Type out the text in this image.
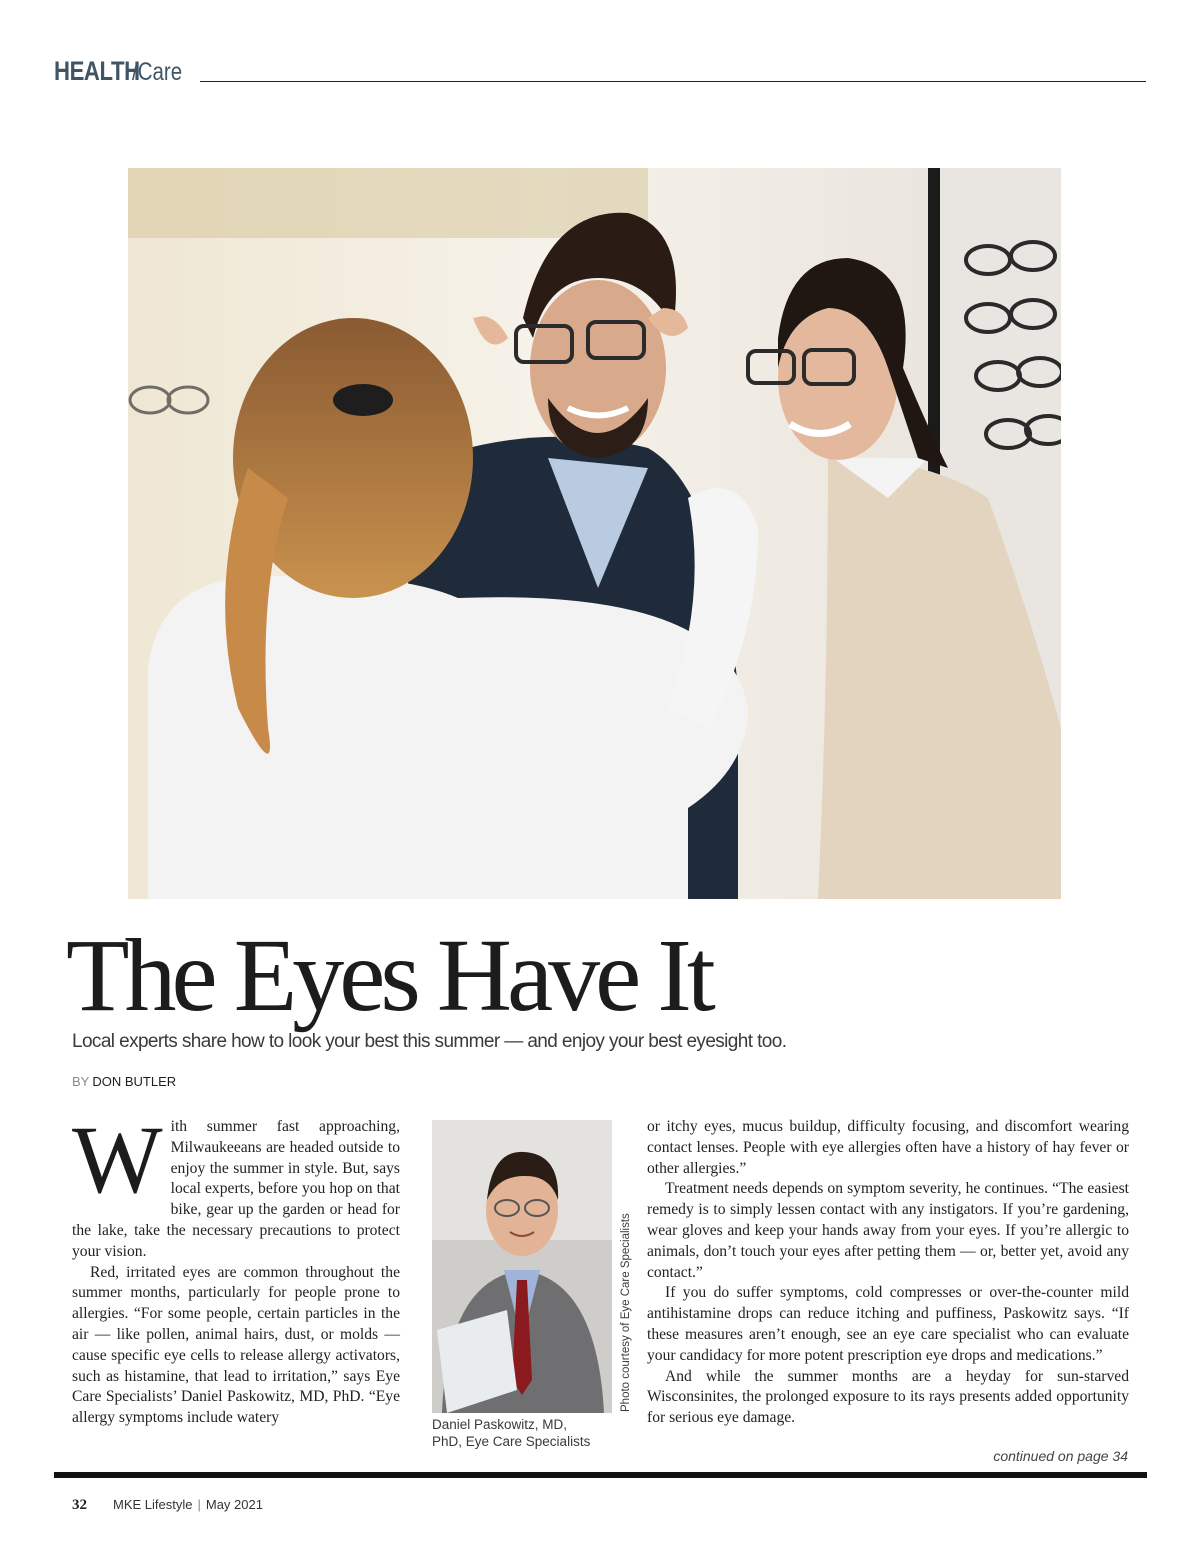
HEALTH
/Care
The Eyes Have It

Local experts share how to look your best this summer — and enjoy your best eyesight too.

BY DON BUTLER

With summer fast approaching, Milwaukeeans are headed outside to enjoy the summer in style. But, says local experts, before you hop on that bike, gear up the garden or head for the lake, take the necessary precautions to protect your vision.

Red, irritated eyes are common throughout the summer months, particularly for people prone to allergies. “For some people, certain particles in the air — like pollen, animal hairs, dust, or molds — cause specific eye cells to release allergy activators, such as histamine, that lead to irritation,” says Eye Care Specialists’ Daniel Paskowitz, MD, PhD. “Eye allergy symptoms include watery

Photo courtesy of Eye Care Specialists
Daniel Paskowitz, MD,
PhD, Eye Care Specialists

or itchy eyes, mucus buildup, difficulty focusing, and discomfort wearing contact lenses. People with eye allergies often have a history of hay fever or other allergies.”

Treatment needs depends on symptom severity, he continues. “The easiest remedy is to simply lessen contact with any instigators. If you’re gardening, wear gloves and keep your hands away from your eyes. If you’re allergic to animals, don’t touch your eyes after petting them — or, better yet, avoid any contact.”

If you do suffer symptoms, cold compresses or over-the-counter mild antihistamine drops can reduce itching and puffiness, Paskowitz says. “If these measures aren’t enough, see an eye care specialist who can evaluate your candidacy for more potent prescription eye drops and medications.”

And while the summer months are a heyday for sun-starved Wisconsinites, the prolonged exposure to its rays presents added opportunity for serious eye damage.

continued on page 34
32 MKE Lifestyle | May 2021
